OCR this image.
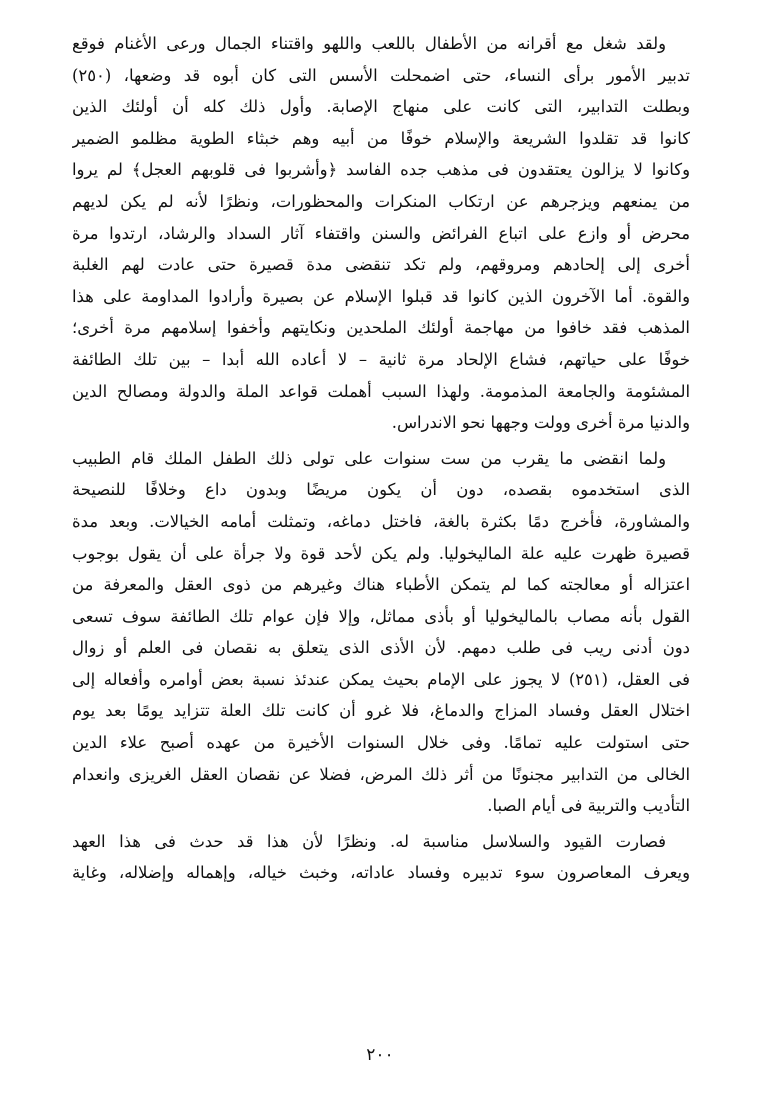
ولقد شغل مع أقرانه من الأطفال باللعب واللهو واقتناء الجمال ورعى الأغنام فوقع
تدبير الأمور برأى النساء، حتى اضمحلت الأسس التى كان أبوه قد وضعها، (٢٥٠)
وبطلت التدابير، التى كانت على منهاج الإصابة. وأول ذلك كله أن أولئك الذين
كانوا قد تقلدوا الشريعة والإسلام خوفًا من أبيه وهم خبثاء الطوية مظلمو الضمير
وكانوا لا يزالون يعتقدون فى مذهب جده الفاسد ﴿وأشربوا فى قلوبهم العجل﴾ لم يروا
من يمنعهم ويزجرهم عن ارتكاب المنكرات والمحظورات، ونظرًا لأنه لم يكن لديهم
محرض أو وازع على اتباع الفرائض والسنن واقتفاء آثار السداد والرشاد، ارتدوا مرة
أخرى إلى إلحادهم ومروقهم، ولم تكد تنقضى مدة قصيرة حتى عادت لهم الغلبة
والقوة. أما الآخرون الذين كانوا قد قبلوا الإسلام عن بصيرة وأرادوا المداومة على هذا
المذهب فقد خافوا من مهاجمة أولئك الملحدين ونكايتهم وأخفوا إسلامهم مرة أخرى؛
خوفًا على حياتهم، فشاع الإلحاد مرة ثانية – لا أعاده الله أبدا – بين تلك الطائفة
المشئومة والجامعة المذمومة. ولهذا السبب أهملت قواعد الملة والدولة ومصالح الدين
والدنيا مرة أخرى وولت وجهها نحو الاندراس.
ولما انقضى ما يقرب من ست سنوات على تولى ذلك الطفل الملك قام الطبيب
الذى استخدموه بقصده، دون أن يكون مريضًا وبدون داع وخلافًا للنصيحة
والمشاورة، فأخرج دمًا بكثرة بالغة، فاختل دماغه، وتمثلت أمامه الخيالات. وبعد مدة
قصيرة ظهرت عليه علة الماليخوليا. ولم يكن لأحد قوة ولا جرأة على أن يقول بوجوب
اعتزاله أو معالجته كما لم يتمكن الأطباء هناك وغيرهم من ذوى العقل والمعرفة من
القول بأنه مصاب بالماليخوليا أو بأذى مماثل، وإلا فإن عوام تلك الطائفة سوف تسعى
دون أدنى ريب فى طلب دمهم. لأن الأذى الذى يتعلق به نقصان فى العلم أو زوال
فى العقل، (٢٥١) لا يجوز على الإمام بحيث يمكن عندئذ نسبة بعض أوامره وأفعاله إلى
اختلال العقل وفساد المزاج والدماغ، فلا غرو أن كانت تلك العلة تتزايد يومًا بعد يوم
حتى استولت عليه تمامًا. وفى خلال السنوات الأخيرة من عهده أصبح علاء الدين
الخالى من التدابير مجنونًا من أثر ذلك المرض، فضلا عن نقصان العقل الغريزى وانعدام
التأديب والتربية فى أيام الصبا.
فصارت القيود والسلاسل مناسبة له. ونظرًا لأن هذا قد حدث فى هذا العهد
ويعرف المعاصرون سوء تدبيره وفساد عاداته، وخبث خياله، وإهماله وإضلاله، وغاية
٢٠٠
